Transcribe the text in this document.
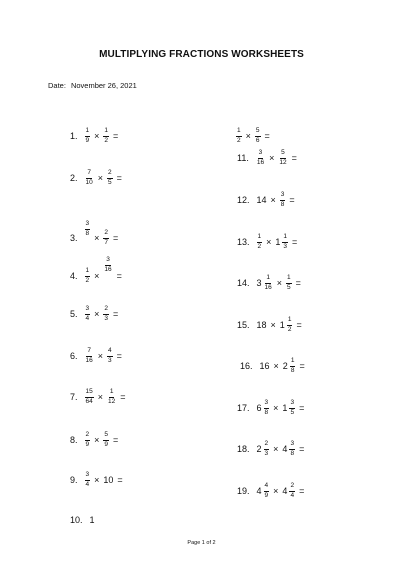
MULTIPLYING FRACTIONS WORKSHEETS
Date: November 26, 2021
1. $\frac{1}{9} \times \frac{1}{2}$ =
2. $\frac{7}{10} \times \frac{2}{5}$ =
3.
$\frac{3}{8}$
× $\frac{2}{7}$ =
4. $\frac{1}{2}$ ×
$\frac{3}{16}$
=
5. $\frac{3}{4} \times \frac{2}{3}$ =
6. $\frac{7}{16} \times \frac{4}{3}$ =
7. $\frac{15}{64} \times \frac{1}{12}$ =
8. $\frac{2}{9} \times \frac{5}{9}$ =
9. $\frac{3}{4} \times 10$ =
10. 1
$\frac{1}{2} \times \frac{5}{6}$ =
11. $\frac{3}{16} \times \frac{5}{12}$ =
12. $14 \times \frac{3}{8}$ =
13. $\frac{1}{2} \times 1 \frac{1}{3}$ =
14. $3 \frac{1}{16} \times \frac{1}{5}$ =
15. $18 \times 1 \frac{1}{2}$ =
16. $16 \times 2 \frac{1}{8}$ =
17. $6 \frac{3}{8} \times 1 \frac{3}{5}$ =
18. $2 \frac{2}{3} \times 4 \frac{3}{8}$ =
19. $4 \frac{4}{9} \times 4 \frac{2}{4}$ =
Page 1 of 2
